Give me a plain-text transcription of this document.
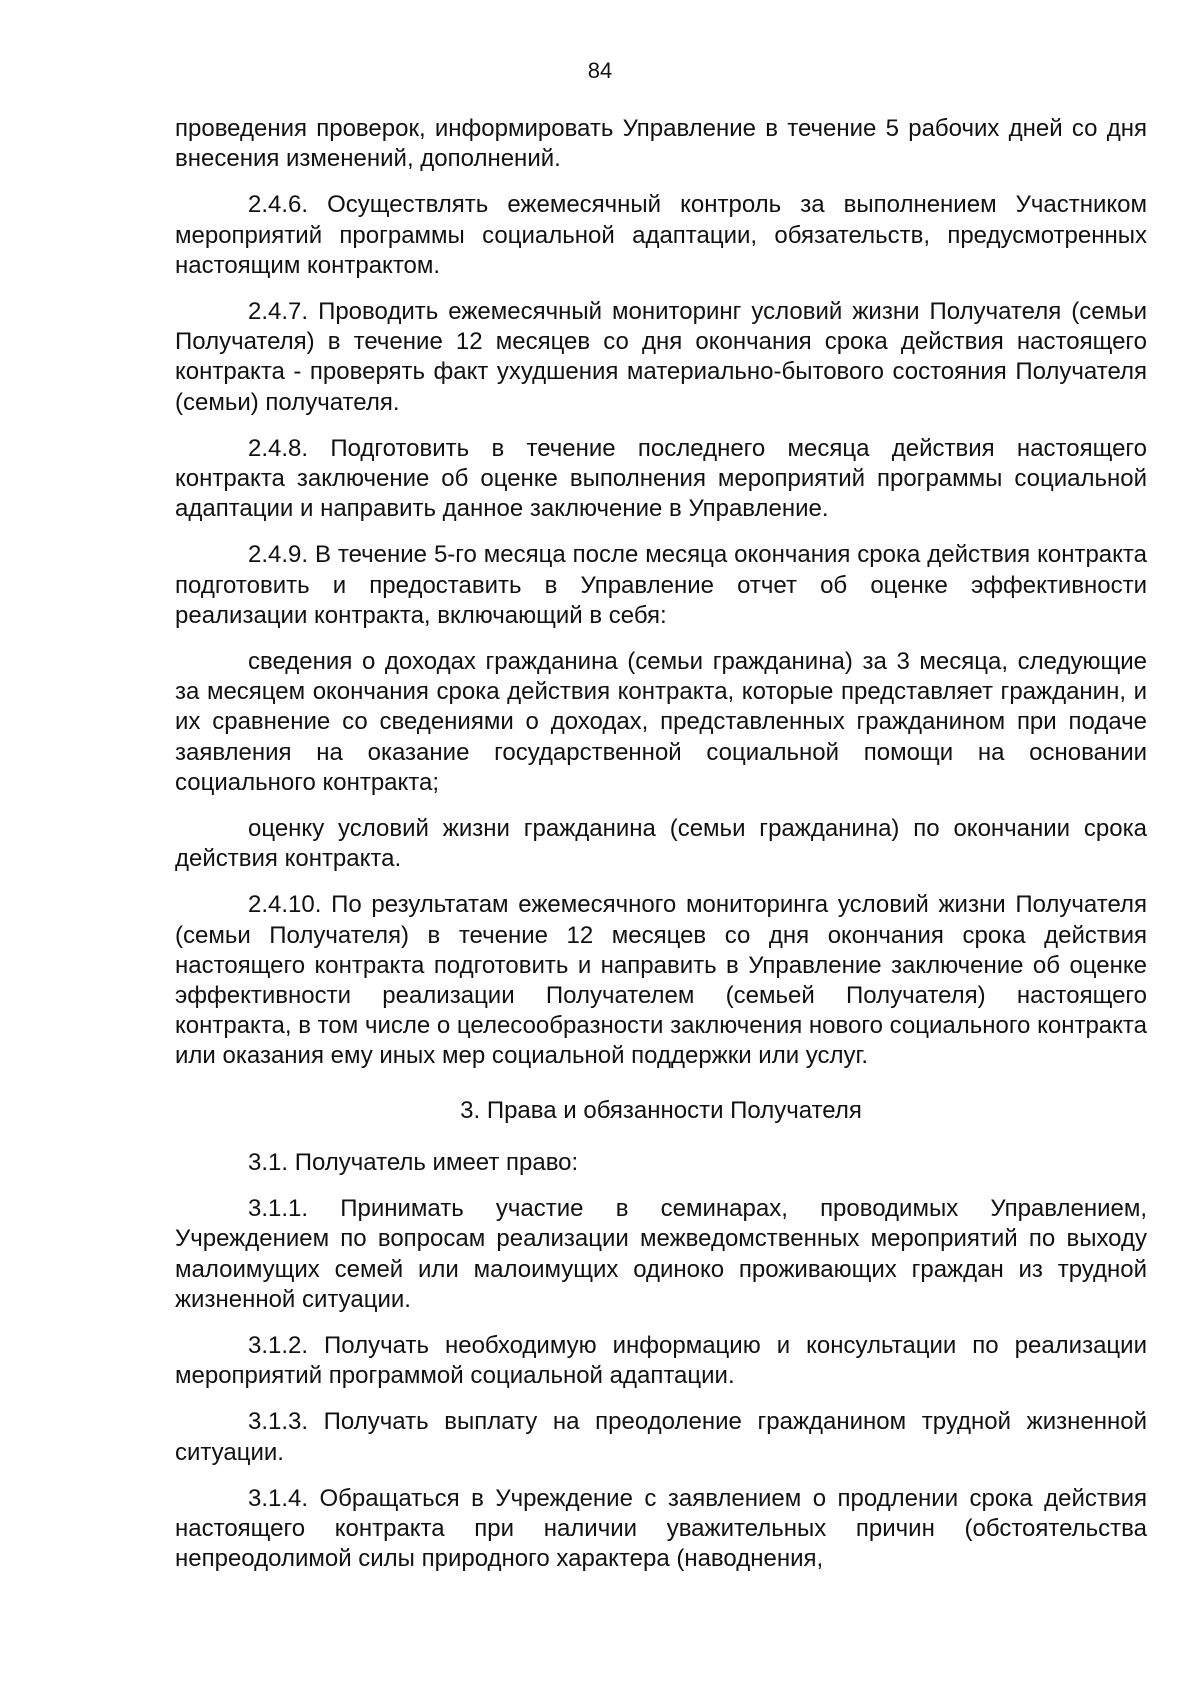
84

проведения проверок, информировать Управление в течение 5 рабочих дней со дня внесения изменений, дополнений.

2.4.6. Осуществлять ежемесячный контроль за выполнением Участником мероприятий программы социальной адаптации, обязательств, предусмотренных настоящим контрактом.

2.4.7. Проводить ежемесячный мониторинг условий жизни Получателя (семьи Получателя) в течение 12 месяцев со дня окончания срока действия настоящего контракта - проверять факт ухудшения материально-бытового состояния Получателя (семьи) получателя.

2.4.8. Подготовить в течение последнего месяца действия настоящего контракта заключение об оценке выполнения мероприятий программы социальной адаптации и направить данное заключение в Управление.

2.4.9. В течение 5-го месяца после месяца окончания срока действия контракта подготовить и предоставить в Управление отчет об оценке эффективности реализации контракта, включающий в себя:

сведения о доходах гражданина (семьи гражданина) за 3 месяца, следующие за месяцем окончания срока действия контракта, которые представляет гражданин, и их сравнение со сведениями о доходах, представленных гражданином при подаче заявления на оказание государственной социальной помощи на основании социального контракта;

оценку условий жизни гражданина (семьи гражданина) по окончании срока действия контракта.

2.4.10. По результатам ежемесячного мониторинга условий жизни Получателя (семьи Получателя) в течение 12 месяцев со дня окончания срока действия настоящего контракта подготовить и направить в Управление заключение об оценке эффективности реализации Получателем (семьей Получателя) настоящего контракта, в том числе о целесообразности заключения нового социального контракта или оказания ему иных мер социальной поддержки или услуг.

3. Права и обязанности Получателя

3.1. Получатель имеет право:

3.1.1. Принимать участие в семинарах, проводимых Управлением, Учреждением по вопросам реализации межведомственных мероприятий по выходу малоимущих семей или малоимущих одиноко проживающих граждан из трудной жизненной ситуации.

3.1.2. Получать необходимую информацию и консультации по реализации мероприятий программой социальной адаптации.

3.1.3. Получать выплату на преодоление гражданином трудной жизненной ситуации.

3.1.4. Обращаться в Учреждение с заявлением о продлении срока действия настоящего контракта при наличии уважительных причин (обстоятельства непреодолимой силы природного характера (наводнения,
